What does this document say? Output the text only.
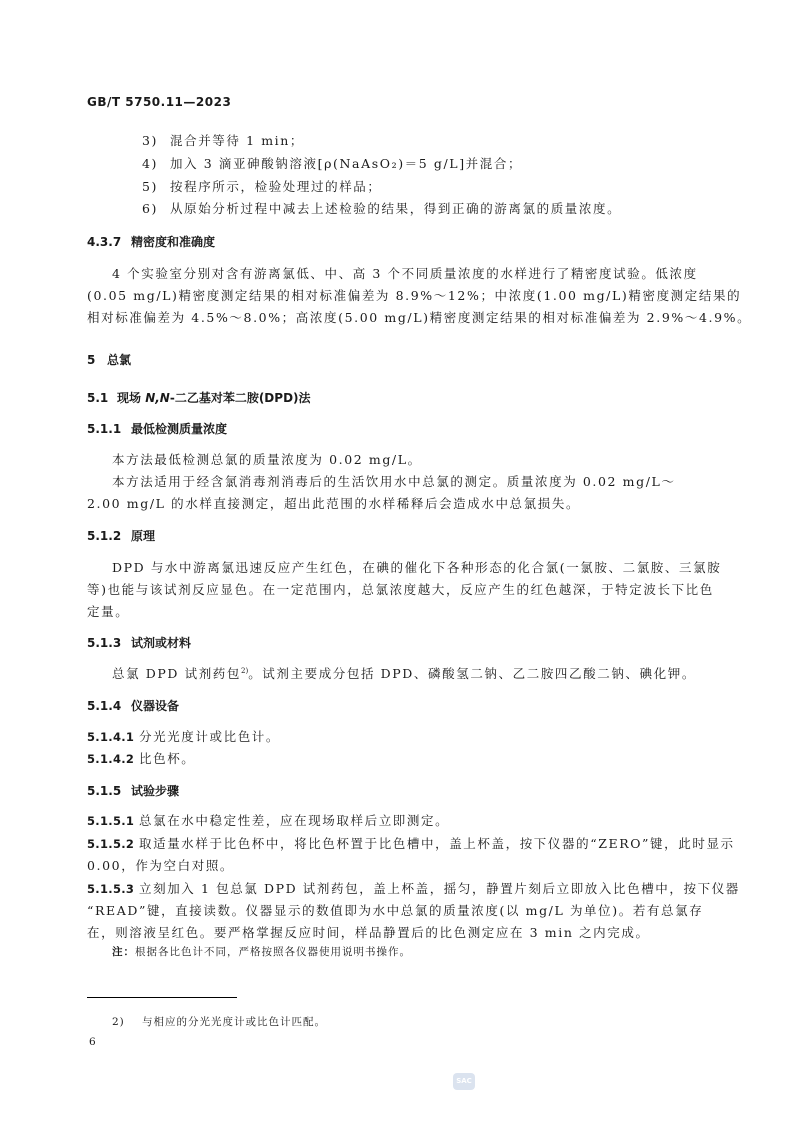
GB/T 5750.11—2023
3) 混合并等待 1 min；
4) 加入 3 滴亚砷酸钠溶液[ρ(NaAsO₂)＝5 g/L]并混合；
5) 按程序所示，检验处理过的样品；
6) 从原始分析过程中减去上述检验的结果，得到正确的游离氯的质量浓度。
4.3.7 精密度和准确度
4 个实验室分别对含有游离氯低、中、高 3 个不同质量浓度的水样进行了精密度试验。低浓度
(0.05 mg/L)精密度测定结果的相对标准偏差为 8.9%～12%；中浓度(1.00 mg/L)精密度测定结果的
相对标准偏差为 4.5%～8.0%；高浓度(5.00 mg/L)精密度测定结果的相对标准偏差为 2.9%～4.9%。
5 总氯
5.1 现场 N,N-二乙基对苯二胺(DPD)法
5.1.1 最低检测质量浓度
本方法最低检测总氯的质量浓度为 0.02 mg/L。
本方法适用于经含氯消毒剂消毒后的生活饮用水中总氯的测定。质量浓度为 0.02 mg/L～
2.00 mg/L 的水样直接测定，超出此范围的水样稀释后会造成水中总氯损失。
5.1.2 原理
DPD 与水中游离氯迅速反应产生红色，在碘的催化下各种形态的化合氯(一氯胺、二氯胺、三氯胺
等)也能与该试剂反应显色。在一定范围内，总氯浓度越大，反应产生的红色越深，于特定波长下比色
定量。
5.1.3 试剂或材料
总氯 DPD 试剂药包$^{2)}$。试剂主要成分包括 DPD、磷酸氢二钠、乙二胺四乙酸二钠、碘化钾。
5.1.4 仪器设备
5.1.4.1 分光光度计或比色计。
5.1.4.2 比色杯。
5.1.5 试验步骤
5.1.5.1 总氯在水中稳定性差，应在现场取样后立即测定。
5.1.5.2 取适量水样于比色杯中，将比色杯置于比色槽中，盖上杯盖，按下仪器的“ZERO”键，此时显示
0.00，作为空白对照。
5.1.5.3 立刻加入 1 包总氯 DPD 试剂药包，盖上杯盖，摇匀，静置片刻后立即放入比色槽中，按下仪器
“READ”键，直接读数。仪器显示的数值即为水中总氯的质量浓度(以 mg/L 为单位)。若有总氯存
在，则溶液呈红色。要严格掌握反应时间，样品静置后的比色测定应在 3 min 之内完成。
注：根据各比色计不同，严格按照各仪器使用说明书操作。
2) 与相应的分光光度计或比色计匹配。
6
SAC
